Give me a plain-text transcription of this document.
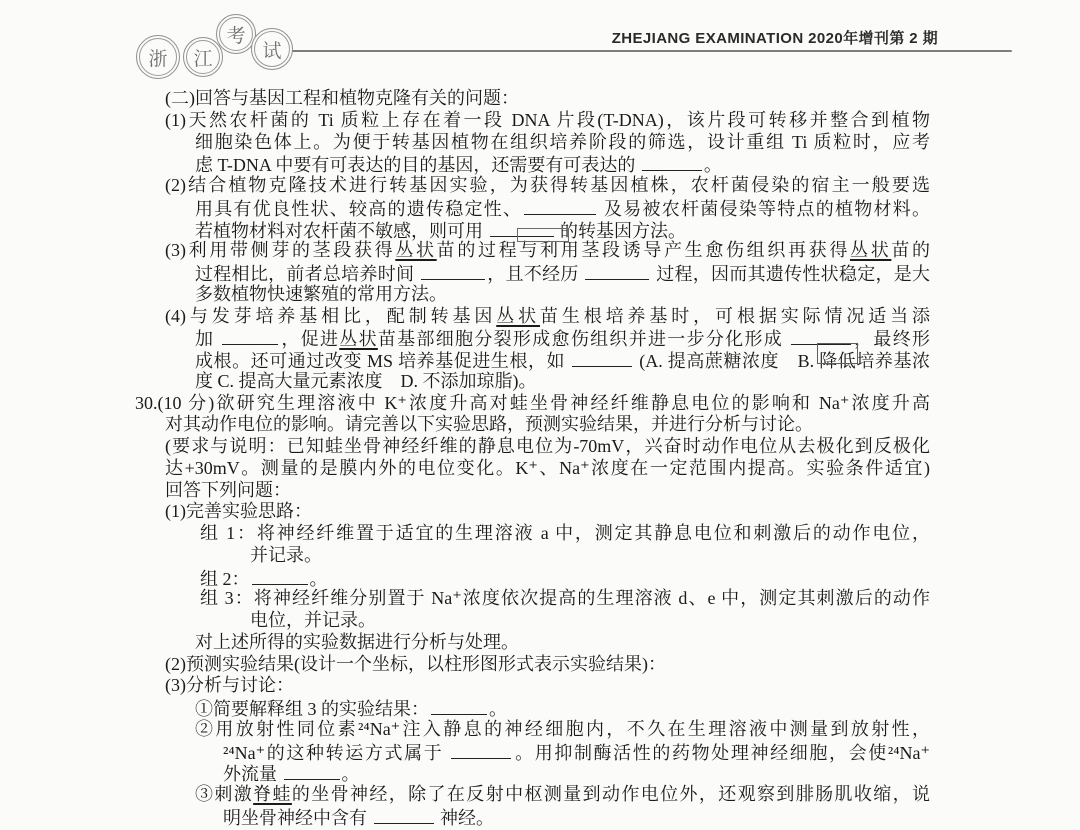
浙 江
考
试
ZHEJIANG EXAMINATION 2020年增刊第 2 期
(二)回答与基因工程和植物克隆有关的问题：
(1)天然农杆菌的 Ti 质粒上存在着一段 DNA 片段(T-DNA)，该片段可转移并整合到植物
细胞染色体上。为便于转基因植物在组织培养阶段的筛选，设计重组 Ti 质粒时，应考
虑 T-DNA 中要有可表达的目的基因，还需要有可表达的	。
(2)结合植物克隆技术进行转基因实验，为获得转基因植株，农杆菌侵染的宿主一般要选
用具有优良性状、较高的遗传稳定性、	及易被农杆菌侵染等特点的植物材料。
若植物材料对农杆菌不敏感，则可用	的转基因方法。
(3)利用带侧芽的茎段获得丛状苗的过程与利用茎段诱导产生愈伤组织再获得丛状苗的
过程相比，前者总培养时间	，且不经历	过程，因而其遗传性状稳定，是大
多数植物快速繁殖的常用方法。
(4)与发芽培养基相比，配制转基因丛状苗生根培养基时，可根据实际情况适当添
加	，促进丛状苗基部细胞分裂形成愈伤组织并进一步分化形成	，最终形
成根。还可通过改变 MS 培养基促进生根，如	(A. 提高蔗糖浓度　B. 降低培养基浓
度 C. 提高大量元素浓度　D. 不添加琼脂)。
30.(10 分)欲研究生理溶液中 K⁺浓度升高对蛙坐骨神经纤维静息电位的影响和 Na⁺浓度升高
对其动作电位的影响。请完善以下实验思路，预测实验结果，并进行分析与讨论。
(要求与说明：已知蛙坐骨神经纤维的静息电位为-70mV，兴奋时动作电位从去极化到反极化
达+30mV。测量的是膜内外的电位变化。K⁺、Na⁺浓度在一定范围内提高。实验条件适宜)
回答下列问题：
(1)完善实验思路：
组 1：将神经纤维置于适宜的生理溶液 a 中，测定其静息电位和刺激后的动作电位，
并记录。
组 2：	。
组 3：将神经纤维分别置于 Na⁺浓度依次提高的生理溶液 d、e 中，测定其刺激后的动作
电位，并记录。
对上述所得的实验数据进行分析与处理。
(2)预测实验结果(设计一个坐标，以柱形图形式表示实验结果)：
(3)分析与讨论：
①简要解释组 3 的实验结果：	。
②用放射性同位素²⁴Na⁺注入静息的神经细胞内，不久在生理溶液中测量到放射性，
²⁴Na⁺的这种转运方式属于	。用抑制酶活性的药物处理神经细胞，会使²⁴Na⁺
外流量	。
③刺激脊蛙的坐骨神经，除了在反射中枢测量到动作电位外，还观察到腓肠肌收缩，说
明坐骨神经中含有	神经。
